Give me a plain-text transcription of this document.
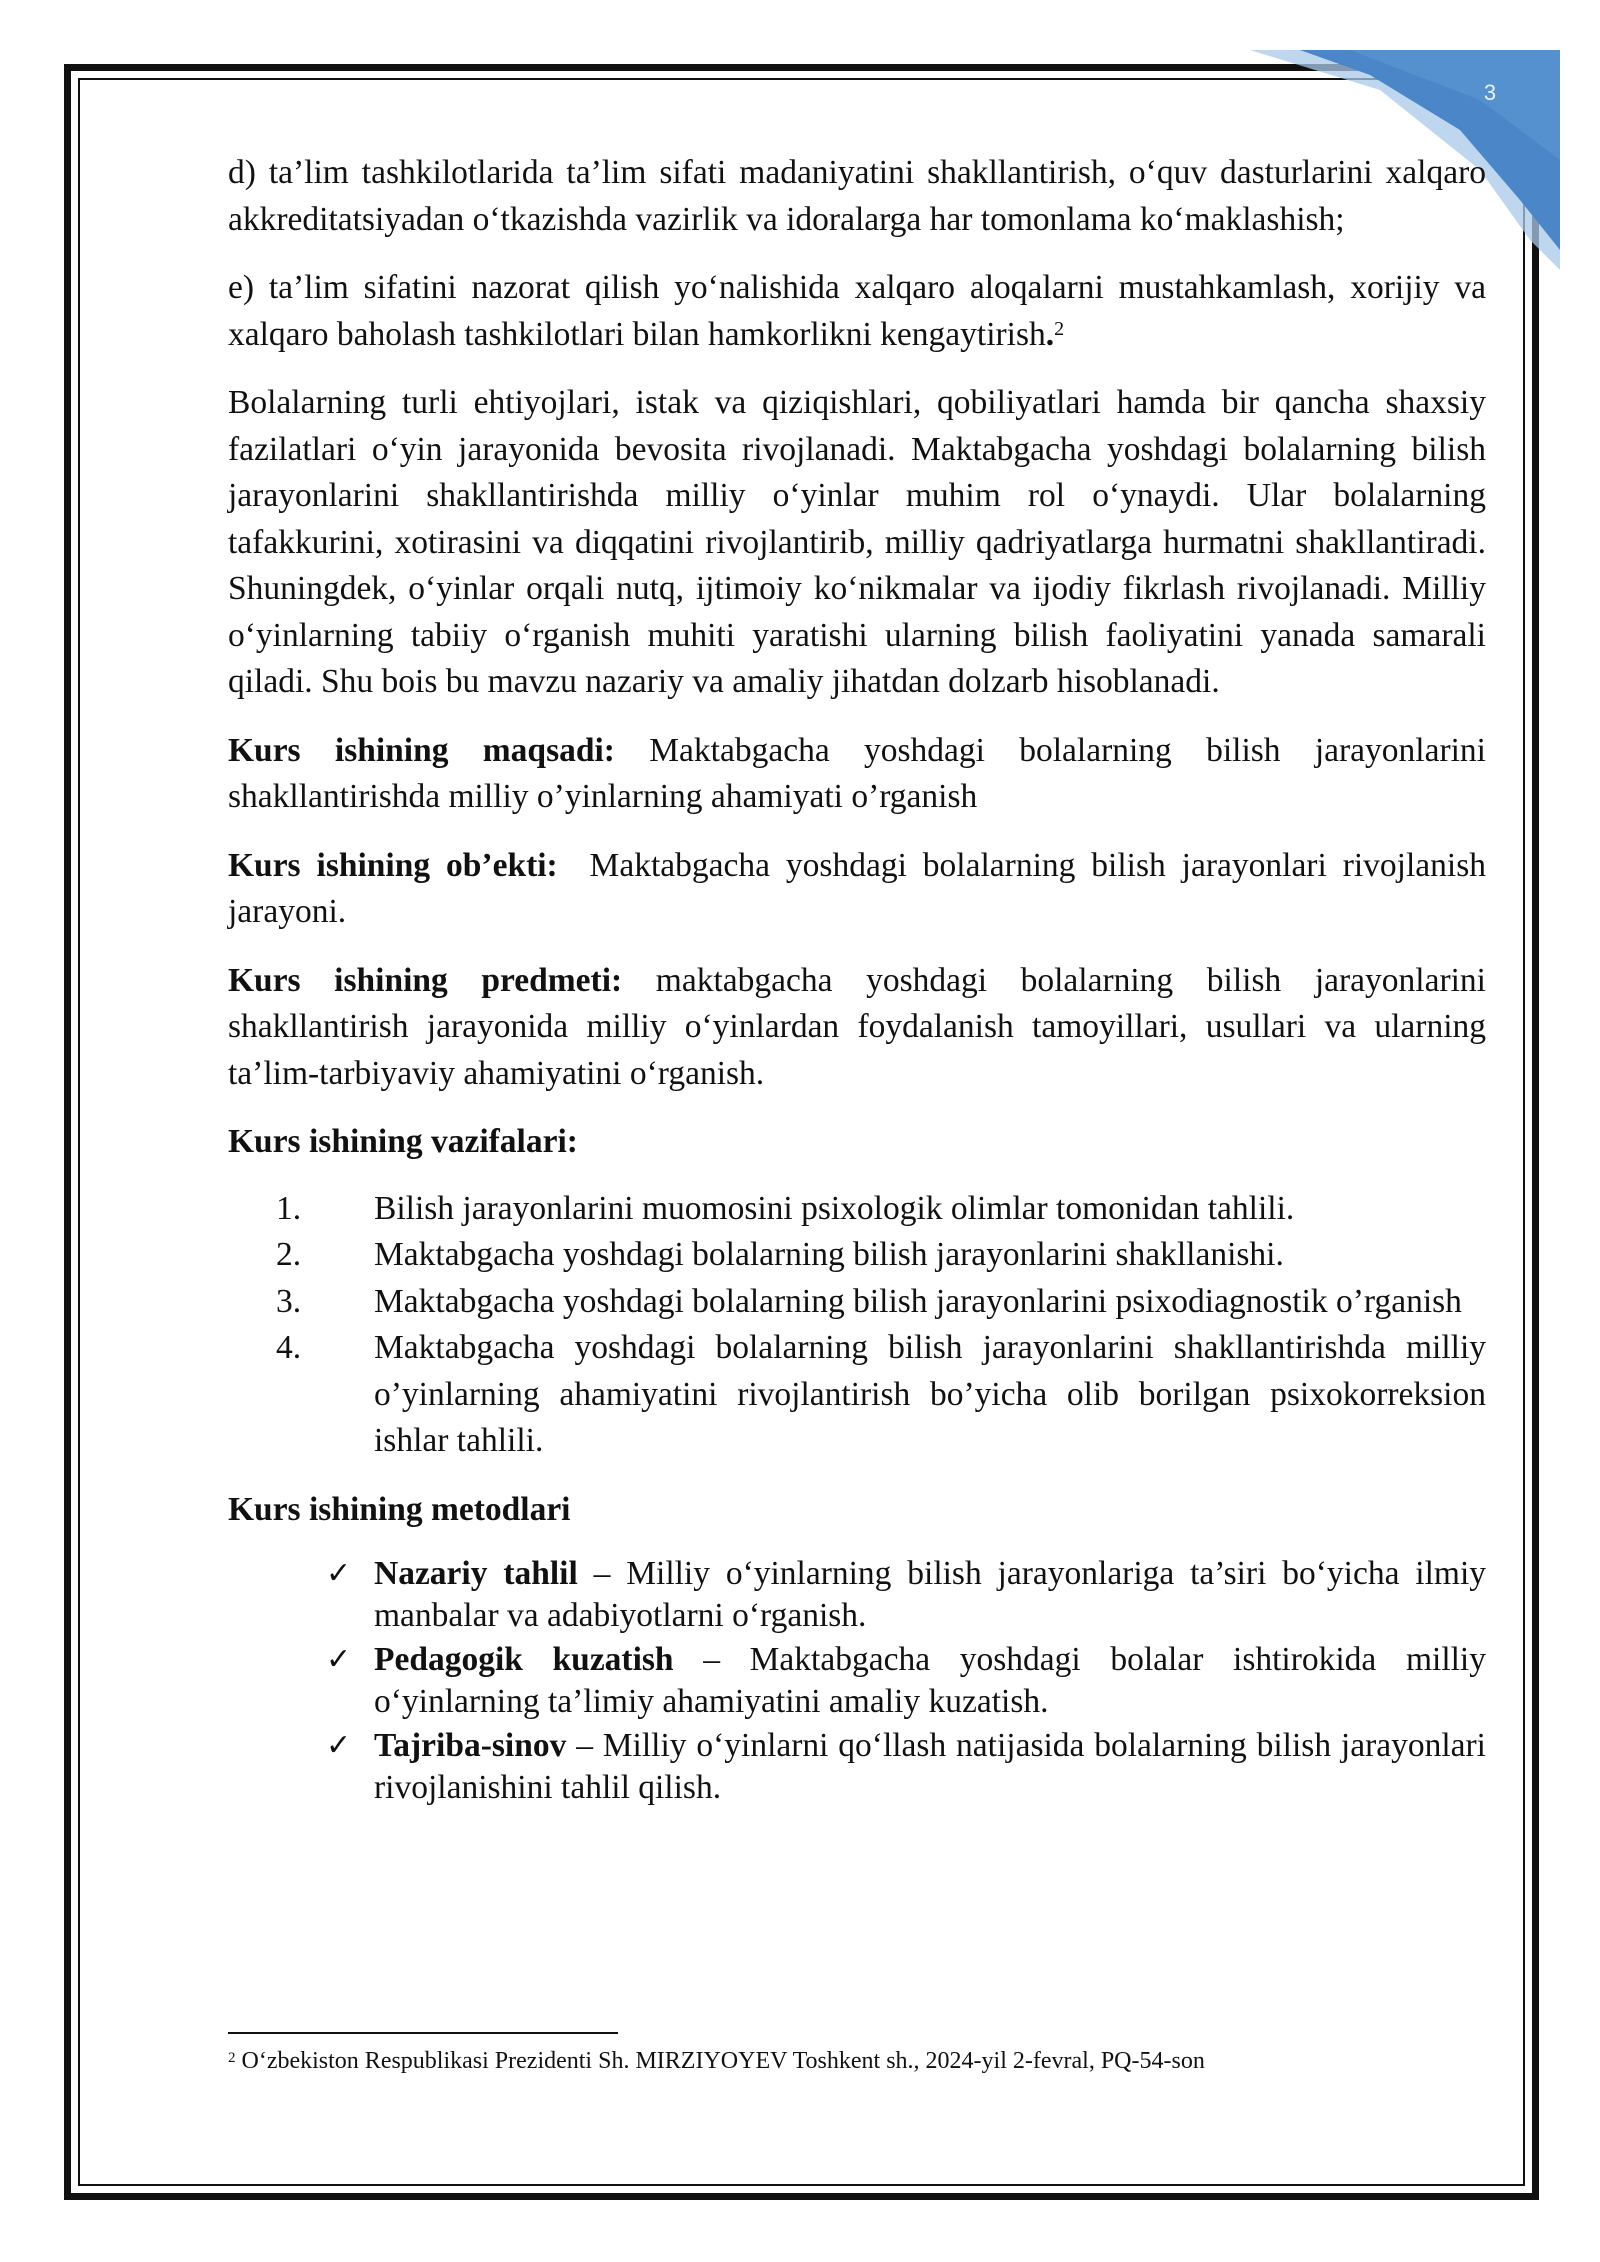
3

d) ta’lim tashkilotlarida ta’lim sifati madaniyatini shakllantirish, o‘quv dasturlarini xalqaro akkreditatsiyadan o‘tkazishda vazirlik va idoralarga har tomonlama ko‘maklashish;

e) ta’lim sifatini nazorat qilish yo‘nalishida xalqaro aloqalarni mustahkamlash, xorijiy va xalqaro baholash tashkilotlari bilan hamkorlikni kengaytirish.$^2$

Bolalarning turli ehtiyojlari, istak va qiziqishlari, qobiliyatlari hamda bir qancha shaxsiy fazilatlari o‘yin jarayonida bevosita rivojlanadi. Maktabgacha yoshdagi bolalarning bilish jarayonlarini shakllantirishda milliy o‘yinlar muhim rol o‘ynaydi. Ular bolalarning tafakkurini, xotirasini va diqqatini rivojlantirib, milliy qadriyatlarga hurmatni shakllantiradi. Shuningdek, o‘yinlar orqali nutq, ijtimoiy ko‘nikmalar va ijodiy fikrlash rivojlanadi. Milliy o‘yinlarning tabiiy o‘rganish muhiti yaratishi ularning bilish faoliyatini yanada samarali qiladi. Shu bois bu mavzu nazariy va amaliy jihatdan dolzarb hisoblanadi.

Kurs ishining maqsadi: Maktabgacha yoshdagi bolalarning bilish jarayonlarini shakllantirishda milliy o’yinlarning ahamiyati o’rganish

Kurs ishining ob’ekti:  Maktabgacha yoshdagi bolalarning bilish jarayonlari rivojlanish jarayoni.

Kurs ishining predmeti: maktabgacha yoshdagi bolalarning bilish jarayonlarini shakllantirish jarayonida milliy o‘yinlardan foydalanish tamoyillari, usullari va ularning ta’lim-tarbiyaviy ahamiyatini o‘rganish.

Kurs ishining vazifalari:
1. Bilish jarayonlarini muomosini psixologik olimlar tomonidan tahlili.
2. Maktabgacha yoshdagi bolalarning bilish jarayonlarini shakllanishi.
3. Maktabgacha yoshdagi bolalarning bilish jarayonlarini psixodiagnostik o’rganish
4. Maktabgacha yoshdagi bolalarning bilish jarayonlarini shakllantirishda milliy o’yinlarning ahamiyatini rivojlantirish bo’yicha olib borilgan psixokorreksion ishlar tahlili.
Kurs ishining metodlari
✓ Nazariy tahlil – Milliy o‘yinlarning bilish jarayonlariga ta’siri bo‘yicha ilmiy manbalar va adabiyotlarni o‘rganish.
✓ Pedagogik kuzatish – Maktabgacha yoshdagi bolalar ishtirokida milliy o‘yinlarning ta’limiy ahamiyatini amaliy kuzatish.
✓ Tajriba-sinov – Milliy o‘yinlarni qo‘llash natijasida bolalarning bilish jarayonlari rivojlanishini tahlil qilish.
$^2$ O‘zbekiston Respublikasi Prezidenti Sh. MIRZIYOYEV Toshkent sh., 2024-yil 2-fevral, PQ-54-son
